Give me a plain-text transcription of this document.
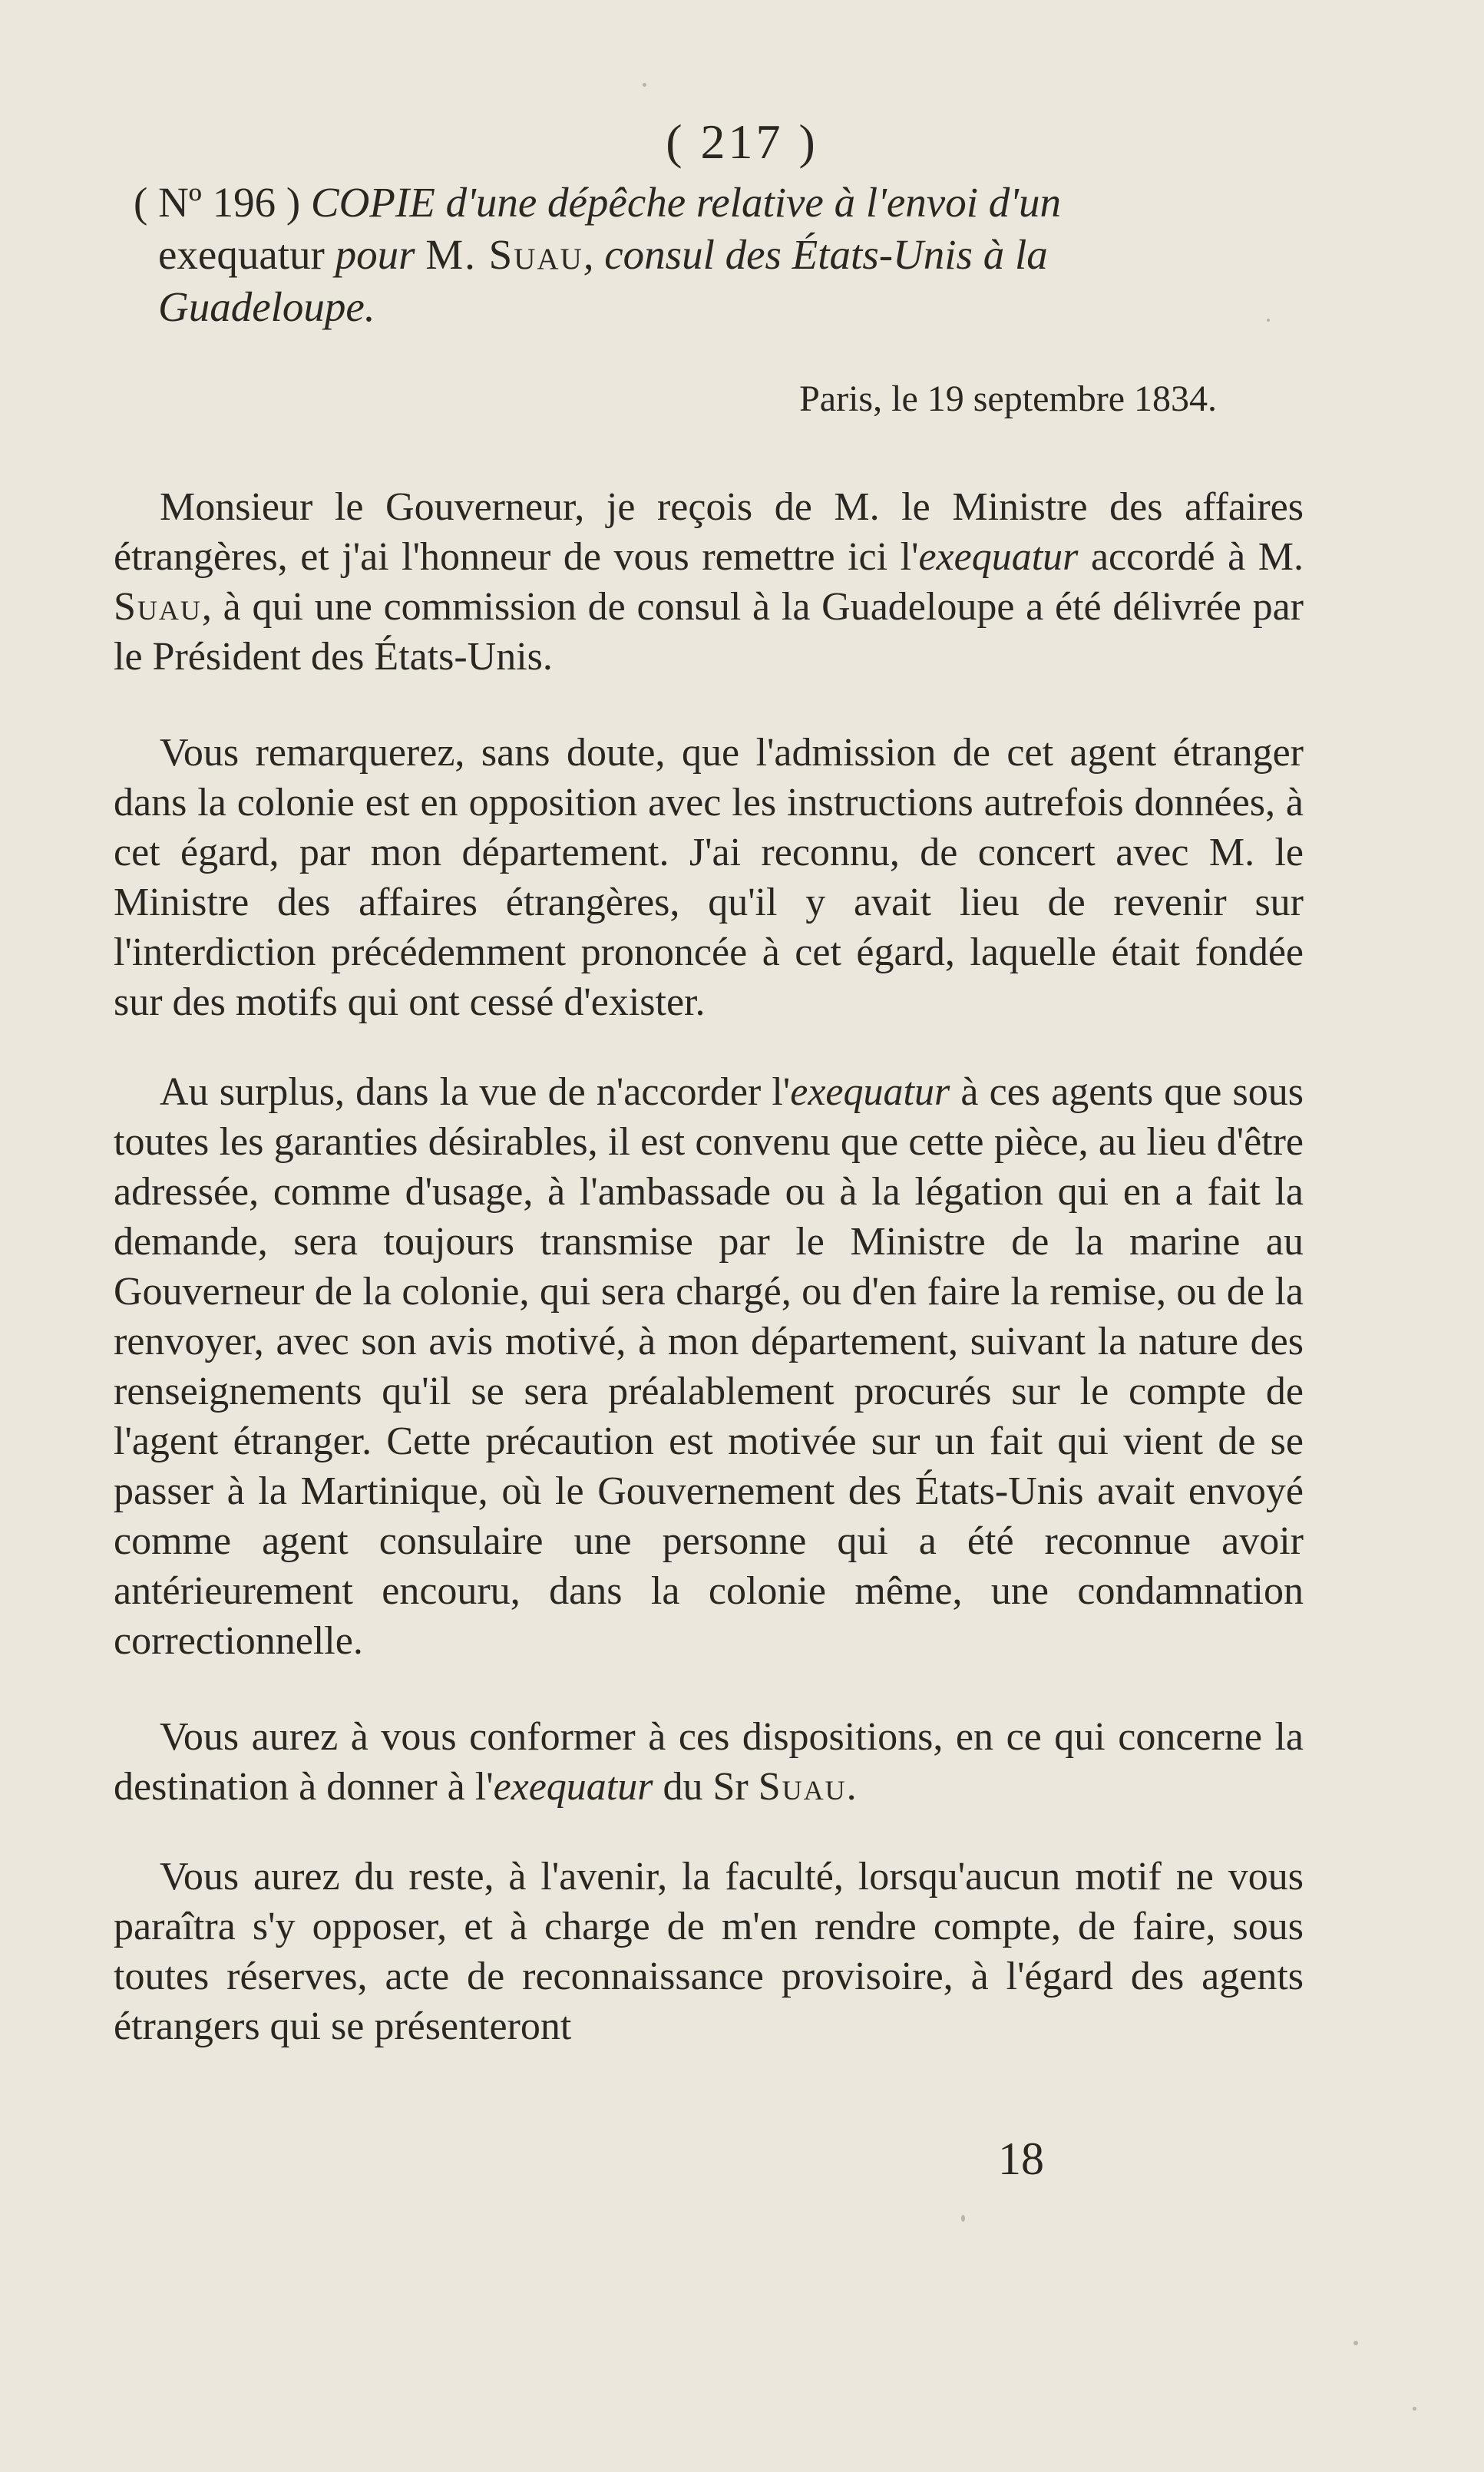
( 217 )
( Nº 196 ) COPIE d'une dépêche relative à l'envoi d'un
exequatur pour M. Suau, consul des États-Unis à la
Guadeloupe.
Paris, le 19 septembre 1834.

Monsieur le Gouverneur, je reçois de M. le Ministre des affaires étrangères, et j'ai l'honneur de vous remettre ici l'exequatur accordé à M. Suau, à qui une commission de consul à la Guadeloupe a été délivrée par le Président des États-Unis.

Vous remarquerez, sans doute, que l'admission de cet agent étranger dans la colonie est en opposition avec les instructions autrefois données, à cet égard, par mon département. J'ai reconnu, de concert avec M. le Ministre des affaires étrangères, qu'il y avait lieu de revenir sur l'interdiction précédemment prononcée à cet égard, laquelle était fondée sur des motifs qui ont cessé d'exister.

Au surplus, dans la vue de n'accorder l'exequatur à ces agents que sous toutes les garanties désirables, il est convenu que cette pièce, au lieu d'être adressée, comme d'usage, à l'ambassade ou à la légation qui en a fait la demande, sera toujours transmise par le Ministre de la marine au Gouverneur de la colonie, qui sera chargé, ou d'en faire la remise, ou de la renvoyer, avec son avis motivé, à mon département, suivant la nature des renseignements qu'il se sera préalablement procurés sur le compte de l'agent étranger. Cette précaution est motivée sur un fait qui vient de se passer à la Martinique, où le Gouvernement des États-Unis avait envoyé comme agent consulaire une personne qui a été reconnue avoir antérieurement encouru, dans la colonie même, une condamnation correctionnelle.

Vous aurez à vous conformer à ces dispositions, en ce qui concerne la destination à donner à l'exequatur du Sr Suau.

Vous aurez du reste, à l'avenir, la faculté, lorsqu'aucun motif ne vous paraîtra s'y opposer, et à charge de m'en rendre compte, de faire, sous toutes réserves, acte de reconnaissance provisoire, à l'égard des agents étrangers qui se présenteront

18
